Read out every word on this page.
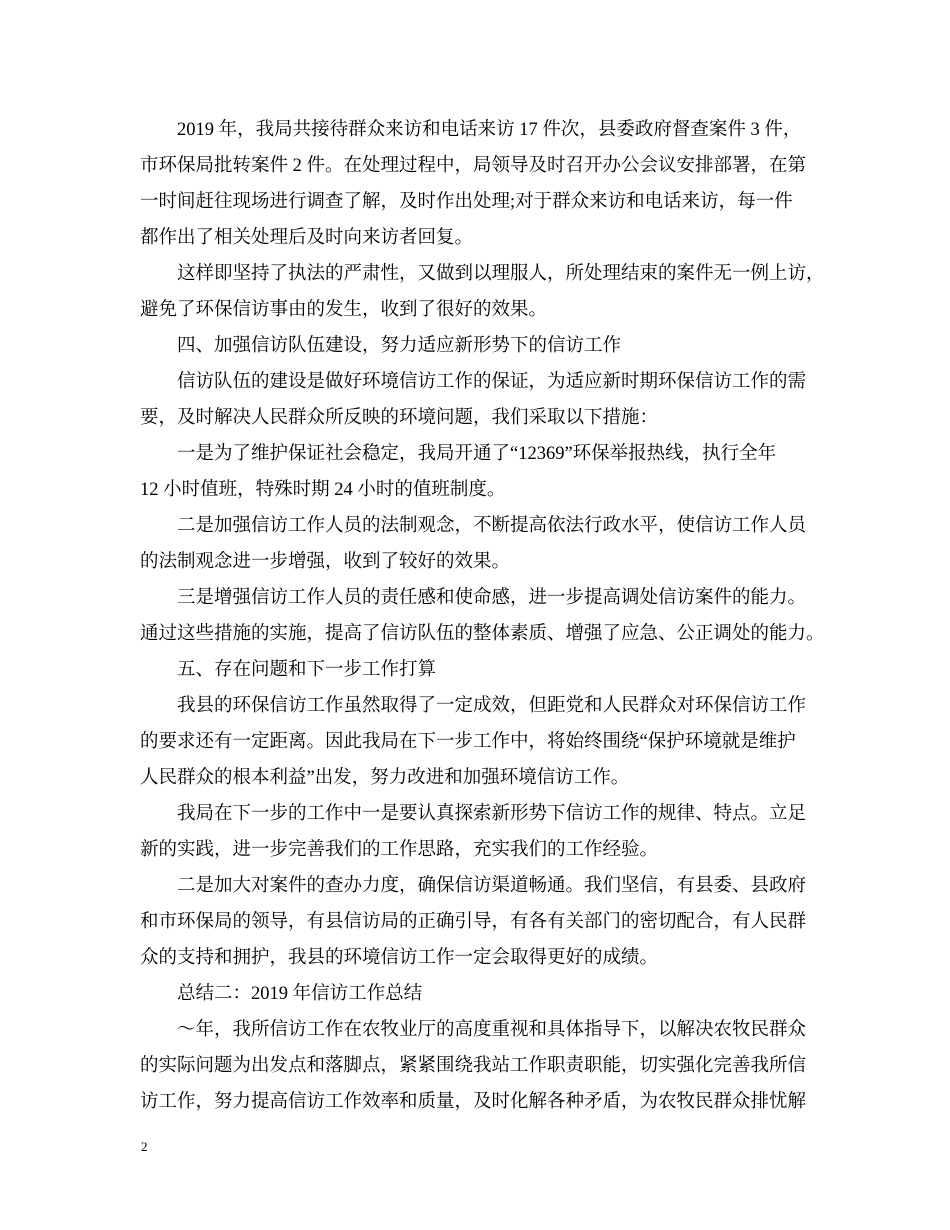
2019 年，我局共接待群众来访和电话来访 17 件次，县委政府督查案件 3 件，
市环保局批转案件 2 件。在处理过程中，局领导及时召开办公会议安排部署，在第
一时间赶往现场进行调查了解，及时作出处理;对于群众来访和电话来访，每一件
都作出了相关处理后及时向来访者回复。
这样即坚持了执法的严肃性，又做到以理服人，所处理结束的案件无一例上访，
避免了环保信访事由的发生，收到了很好的效果。
四、加强信访队伍建设，努力适应新形势下的信访工作
信访队伍的建设是做好环境信访工作的保证，为适应新时期环保信访工作的需
要，及时解决人民群众所反映的环境问题，我们采取以下措施：
一是为了维护保证社会稳定，我局开通了“12369”环保举报热线，执行全年
12 小时值班，特殊时期 24 小时的值班制度。
二是加强信访工作人员的法制观念，不断提高依法行政水平，使信访工作人员
的法制观念进一步增强，收到了较好的效果。
三是增强信访工作人员的责任感和使命感，进一步提高调处信访案件的能力。
通过这些措施的实施，提高了信访队伍的整体素质、增强了应急、公正调处的能力。
五、存在问题和下一步工作打算
我县的环保信访工作虽然取得了一定成效，但距党和人民群众对环保信访工作
的要求还有一定距离。因此我局在下一步工作中，将始终围绕“保护环境就是维护
人民群众的根本利益”出发，努力改进和加强环境信访工作。
我局在下一步的工作中一是要认真探索新形势下信访工作的规律、特点。立足
新的实践，进一步完善我们的工作思路，充实我们的工作经验。
二是加大对案件的查办力度，确保信访渠道畅通。我们坚信，有县委、县政府
和市环保局的领导，有县信访局的正确引导，有各有关部门的密切配合，有人民群
众的支持和拥护，我县的环境信访工作一定会取得更好的成绩。
总结二：2019 年信访工作总结
～年，我所信访工作在农牧业厅的高度重视和具体指导下，以解决农牧民群众
的实际问题为出发点和落脚点，紧紧围绕我站工作职责职能，切实强化完善我所信
访工作，努力提高信访工作效率和质量，及时化解各种矛盾，为农牧民群众排忧解
2
